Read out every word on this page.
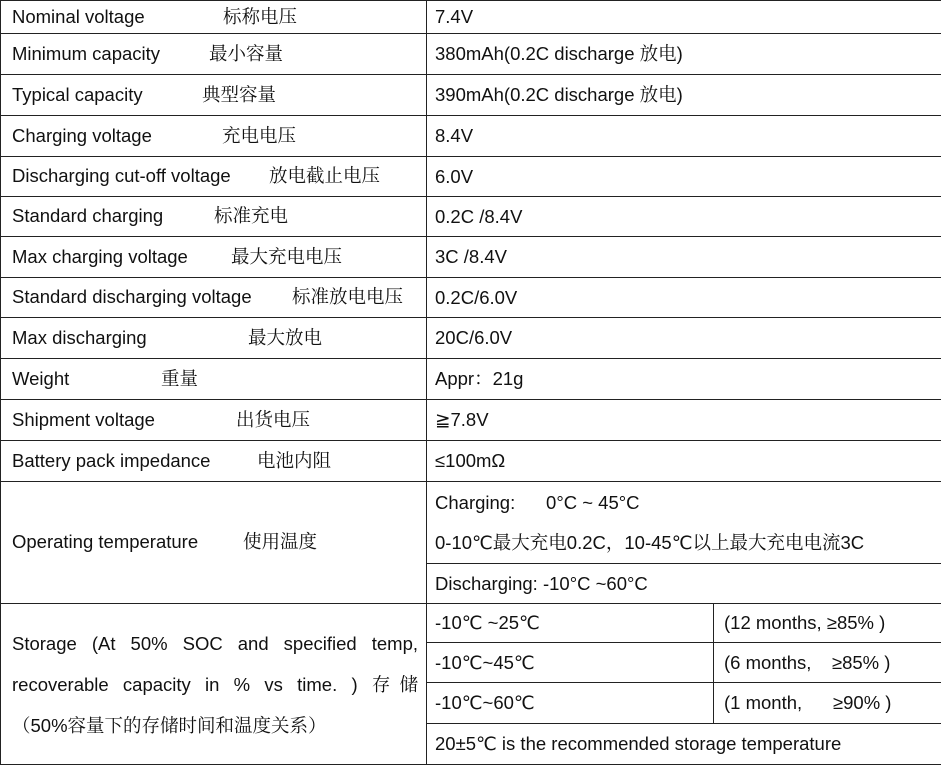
Nominal voltage 标称电压	7.4V	
Minimum capacity 最小容量	380mAh(0.2C discharge 放电)	
Typical capacity 典型容量	390mAh(0.2C discharge 放电)	
Charging voltage 充电电压	8.4V	
Discharging cut-off voltage 放电截止电压	6.0V	
Standard charging 标准充电	0.2C /8.4V	
Max charging voltage 最大充电电压	3C /8.4V	
Standard discharging voltage 标准放电电压	0.2C/6.0V	
Max discharging 最大放电	20C/6.0V	
Weight 重量	Appr：21g	
Shipment voltage 出货电压	≧7.8V	
Battery pack impedance 电池内阻	≤100mΩ	
Operating temperature 使用温度	Charging:      0°C ~ 45°C	
	0-10℃最大充电0.2C，10-45℃以上最大充电电流3C	
	Discharging: -10°C ~60°C	

Storage (At 50% SOC and specified temp,
recoverable capacity in % vs time. ) 存储
（50%容量下的存储时间和温度关系）	-10℃ ~25℃	(12 months, ≥85% )
	-10℃~45℃	(6 months,    ≥85% )
	-10℃~60℃	(1 month,      ≥90% )
	20±5℃ is the recommended storage temperature	
